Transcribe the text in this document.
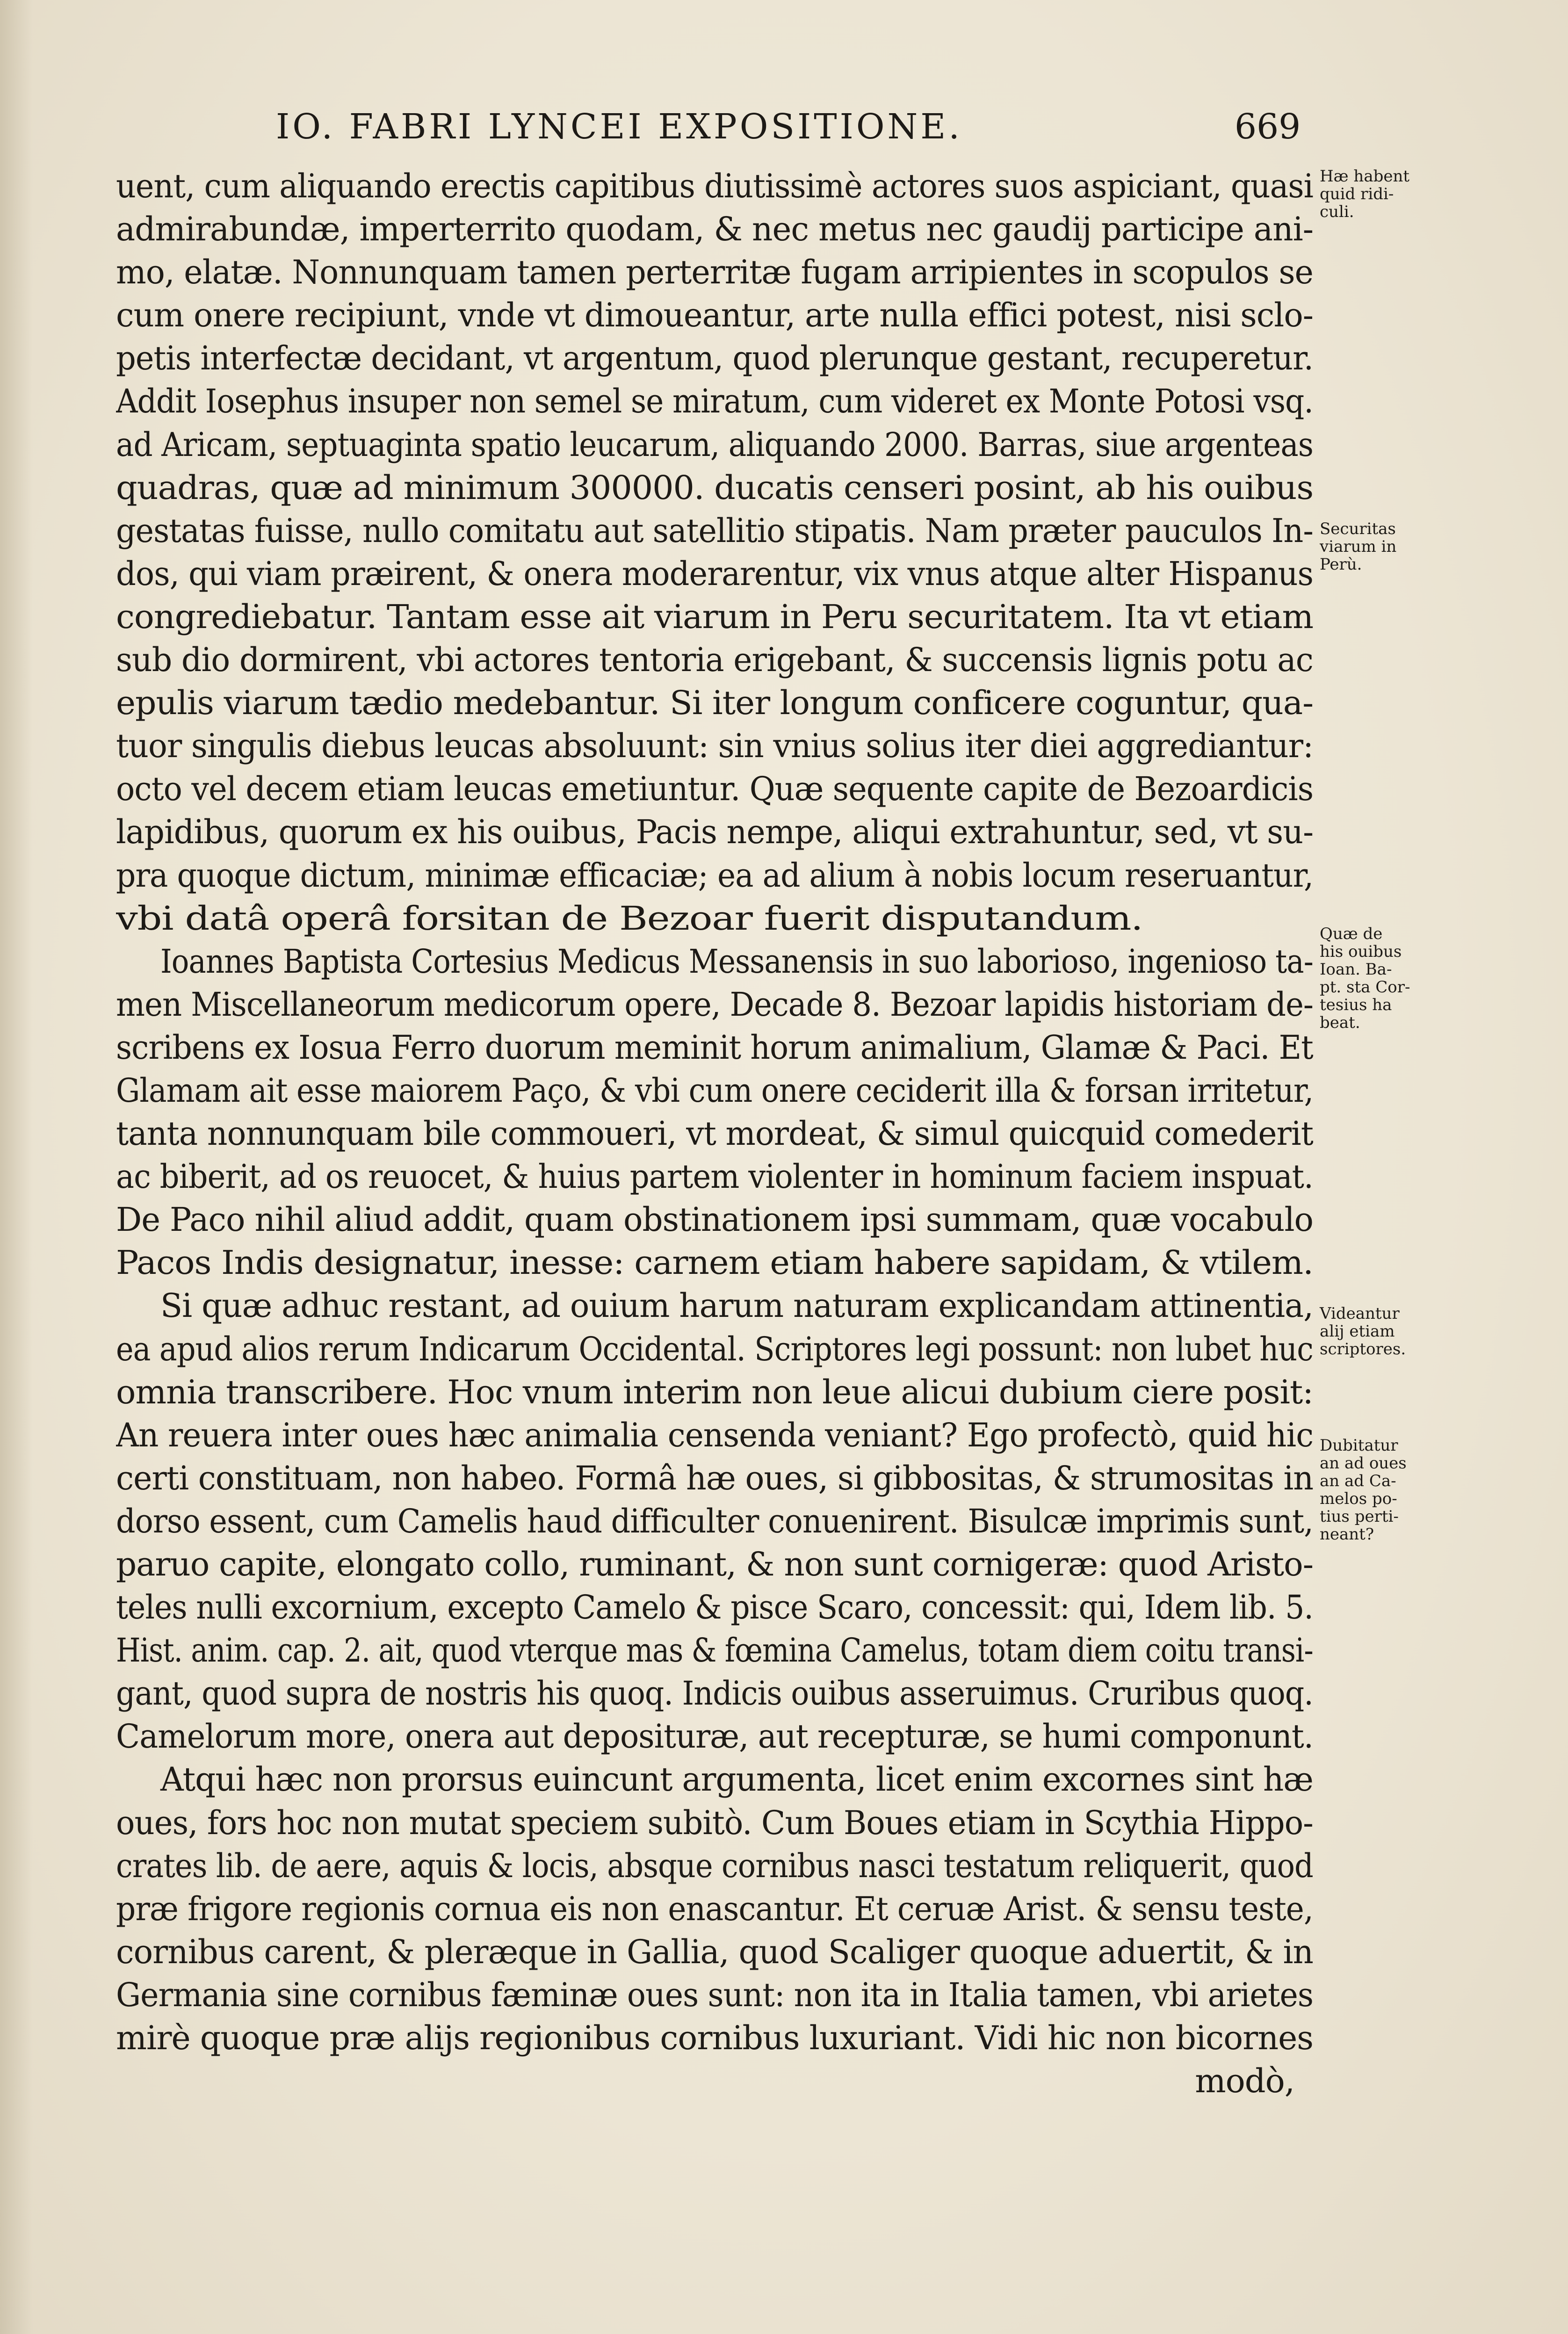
IO. FABRI LYNCEI EXPOSITIONE.	669
uent, cum aliquando erectis capitibus diutissimè actores suos aspiciant, quasi
admirabundæ, imperterrito quodam, & nec metus nec gaudij participe ani-
mo, elatæ. Nonnunquam tamen perterritæ fugam arripientes in scopulos se
cum onere recipiunt, vnde vt dimoueantur, arte nulla effici potest, nisi sclo-
petis interfectæ decidant, vt argentum, quod plerunque gestant, recuperetur.
Addit Iosephus insuper non semel se miratum, cum videret ex Monte Potosi vsq.
ad Aricam, septuaginta spatio leucarum, aliquando 2000. Barras, siue argenteas
quadras, quæ ad minimum 300000. ducatis censeri posint, ab his ouibus
gestatas fuisse, nullo comitatu aut satellitio stipatis. Nam præter pauculos In-
dos, qui viam præirent, & onera moderarentur, vix vnus atque alter Hispanus
congrediebatur. Tantam esse ait viarum in Peru securitatem. Ita vt etiam
sub dio dormirent, vbi actores tentoria erigebant, & succensis lignis potu ac
epulis viarum tædio medebantur. Si iter longum conficere coguntur, qua-
tuor singulis diebus leucas absoluunt: sin vnius solius iter diei aggrediantur:
octo vel decem etiam leucas emetiuntur. Quæ sequente capite de Bezoardicis
lapidibus, quorum ex his ouibus, Pacis nempe, aliqui extrahuntur, sed, vt su-
pra quoque dictum, minimæ efficaciæ; ea ad alium à nobis locum reseruantur,
vbi datâ operâ forsitan de Bezoar fuerit disputandum.
Ioannes Baptista Cortesius Medicus Messanensis in suo laborioso, ingenioso ta-
men Miscellaneorum medicorum opere, Decade 8. Bezoar lapidis historiam de-
scribens ex Iosua Ferro duorum meminit horum animalium, Glamæ & Paci. Et
Glamam ait esse maiorem Paço, & vbi cum onere ceciderit illa & forsan irritetur,
tanta nonnunquam bile commoueri, vt mordeat, & simul quicquid comederit
ac biberit, ad os reuocet, & huius partem violenter in hominum faciem inspuat.
De Paco nihil aliud addit, quam obstinationem ipsi summam, quæ vocabulo
Pacos Indis designatur, inesse: carnem etiam habere sapidam, & vtilem.
Si quæ adhuc restant, ad ouium harum naturam explicandam attinentia,
ea apud alios rerum Indicarum Occidental. Scriptores legi possunt: non lubet huc
omnia transcribere. Hoc vnum interim non leue alicui dubium ciere posit:
An reuera inter oues hæc animalia censenda veniant? Ego profectò, quid hic
certi constituam, non habeo. Formâ hæ oues, si gibbositas, & strumositas in
dorso essent, cum Camelis haud difficulter conuenirent. Bisulcæ imprimis sunt,
paruo capite, elongato collo, ruminant, & non sunt cornigeræ: quod Aristo-
teles nulli excornium, excepto Camelo & pisce Scaro, concessit: qui, Idem lib. 5.
Hist. anim. cap. 2. ait, quod vterque mas & fœmina Camelus, totam diem coitu transi-
gant, quod supra de nostris his quoq. Indicis ouibus asseruimus. Cruribus quoq.
Camelorum more, onera aut deposituræ, aut recepturæ, se humi componunt.
Atqui hæc non prorsus euincunt argumenta, licet enim excornes sint hæ
oues, fors hoc non mutat speciem subitò. Cum Boues etiam in Scythia Hippo-
crates lib. de aere, aquis & locis, absque cornibus nasci testatum reliquerit, quod
præ frigore regionis cornua eis non enascantur. Et ceruæ Arist. & sensu teste,
cornibus carent, & pleræque in Gallia, quod Scaliger quoque aduertit, & in
Germania sine cornibus fæminæ oues sunt: non ita in Italia tamen, vbi arietes
mirè quoque præ alijs regionibus cornibus luxuriant. Vidi hic non bicornes
modò,
Hæ habent
quid ridi-
culi.
Securitas
viarum in
Perù.
Quæ de
his ouibus
Ioan. Ba-
pt. sta Cor-
tesius ha
beat.
Videantur
alij etiam
scriptores.
Dubitatur
an ad oues
an ad Ca-
melos po-
tius perti-
neant?
